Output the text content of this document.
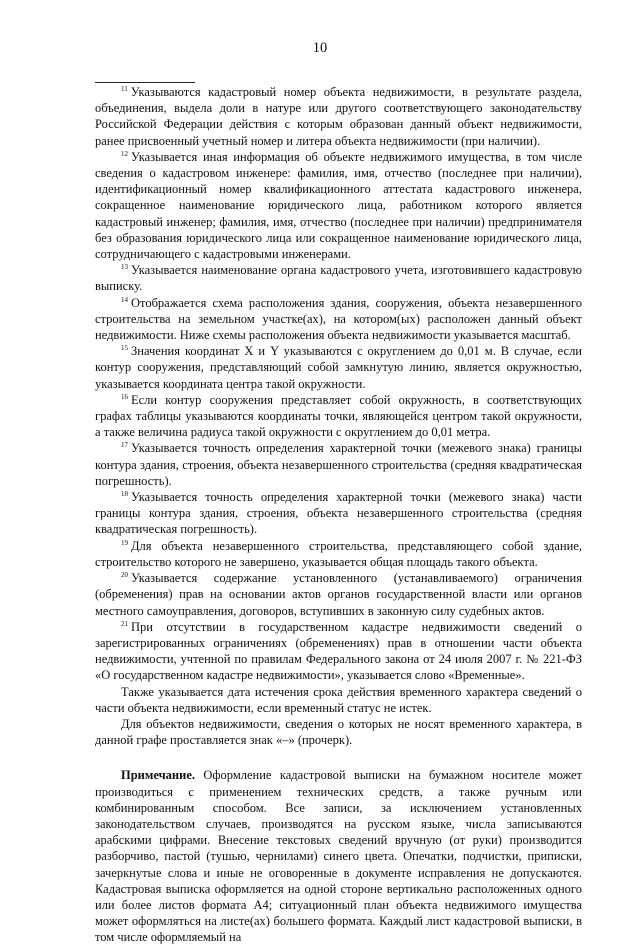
10

$^{11}$ Указываются кадастровый номер объекта недвижимости, в результате раздела, объединения, выдела доли в натуре или другого соответствующего законодательству Российской Федерации действия с которым образован данный объект недвижимости, ранее присвоенный учетный номер и литера объекта недвижимости (при наличии).

$^{12}$ Указывается иная информация об объекте недвижимого имущества, в том числе сведения о кадастровом инженере: фамилия, имя, отчество (последнее при наличии), идентификационный номер квалификационного аттестата кадастрового инженера, сокращенное наименование юридического лица, работником которого является кадастровый инженер; фамилия, имя, отчество (последнее при наличии) предпринимателя без образования юридического лица или сокращенное наименование юридического лица, сотрудничающего с кадастровыми инженерами.

$^{13}$ Указывается наименование органа кадастрового учета, изготовившего кадастровую выписку.

$^{14}$ Отображается схема расположения здания, сооружения, объекта незавершенного строительства на земельном участке(ах), на котором(ых) расположен данный объект недвижимости. Ниже схемы расположения объекта недвижимости указывается масштаб.

$^{15}$ Значения координат X и Y указываются с округлением до 0,01 м. В случае, если контур сооружения, представляющий собой замкнутую линию, является окружностью, указывается координата центра такой окружности.

$^{16}$ Если контур сооружения представляет собой окружность, в соответствующих графах таблицы указываются координаты точки, являющейся центром такой окружности, а также величина радиуса такой окружности с округлением до 0,01 метра.

$^{17}$ Указывается точность определения характерной точки (межевого знака) границы контура здания, строения, объекта незавершенного строительства (средняя квадратическая погрешность).

$^{18}$ Указывается точность определения характерной точки (межевого знака) части границы контура здания, строения, объекта незавершенного строительства (средняя квадратическая погрешность).

$^{19}$ Для объекта незавершенного строительства, представляющего собой здание, строительство которого не завершено, указывается общая площадь такого объекта.

$^{20}$ Указывается содержание установленного (устанавливаемого) ограничения (обременения) прав на основании актов органов государственной власти или органов местного самоуправления, договоров, вступивших в законную силу судебных актов.

$^{21}$ При отсутствии в государственном кадастре недвижимости сведений о зарегистрированных ограничениях (обременениях) прав в отношении части объекта недвижимости, учтенной по правилам Федерального закона от 24 июля 2007 г. № 221-ФЗ «О государственном кадастре недвижимости», указывается слово «Временные».

Также указывается дата истечения срока действия временного характера сведений о части объекта недвижимости, если временный статус не истек.

Для объектов недвижимости, сведения о которых не носят временного характера, в данной графе проставляется знак «–» (прочерк).

Примечание. Оформление кадастровой выписки на бумажном носителе может производиться с применением технических средств, а также ручным или комбинированным способом. Все записи, за исключением установленных законодательством случаев, производятся на русском языке, числа записываются арабскими цифрами. Внесение текстовых сведений вручную (от руки) производится разборчиво, пастой (тушью, чернилами) синего цвета. Опечатки, подчистки, приписки, зачеркнутые слова и иные не оговоренные в документе исправления не допускаются. Кадастровая выписка оформляется на одной стороне вертикально расположенных одного или более листов формата А4; ситуационный план объекта недвижимого имущества может оформляться на листе(ах) большего формата. Каждый лист кадастровой выписки, в том числе оформляемый на
